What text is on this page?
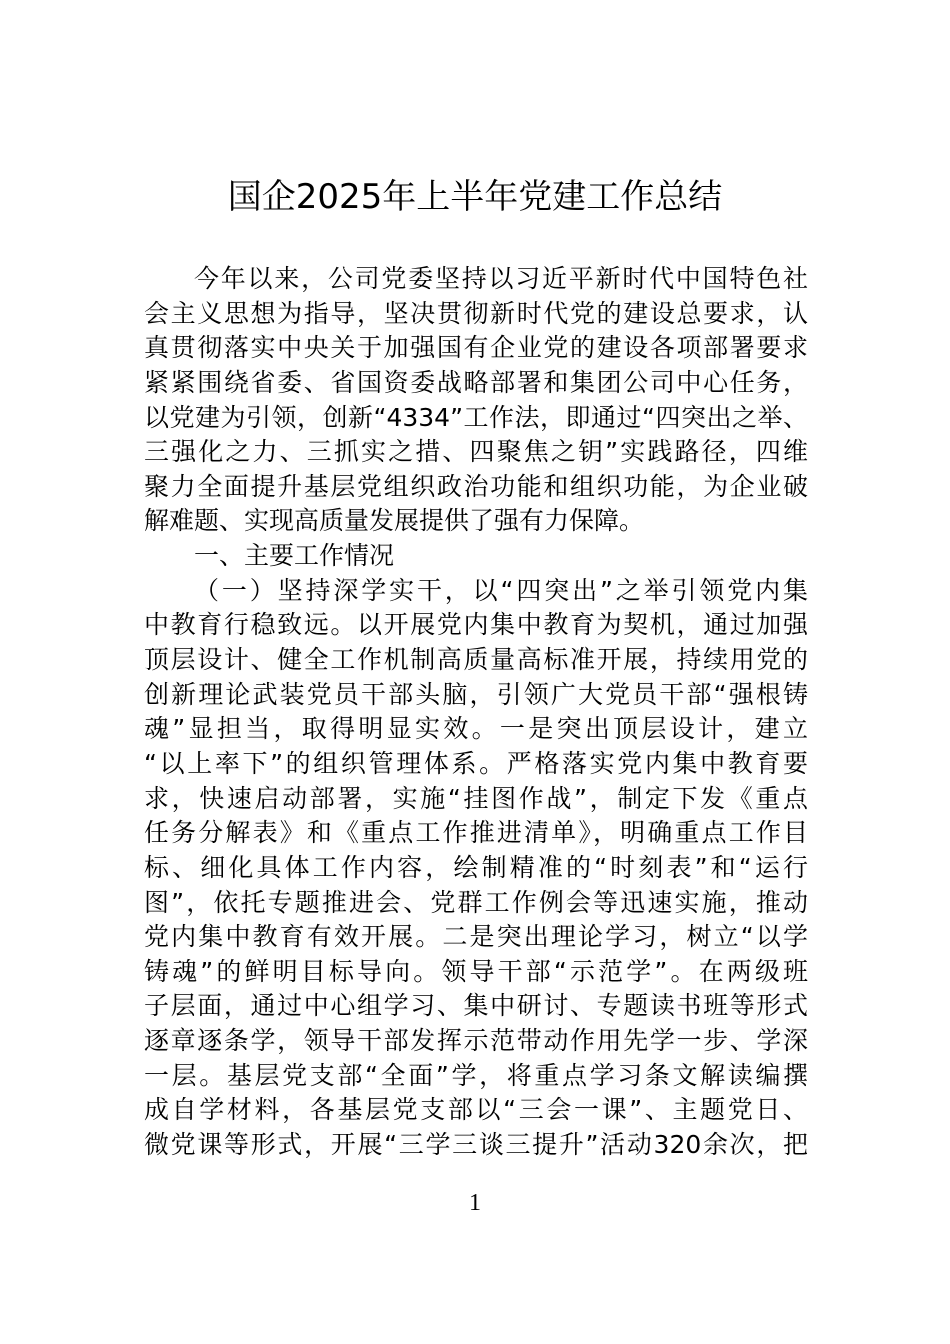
国企2025年上半年党建工作总结
今年以来，公司党委坚持以习近平新时代中国特色社
会主义思想为指导，坚决贯彻新时代党的建设总要求，认
真贯彻落实中央关于加强国有企业党的建设各项部署要求
紧紧围绕省委、省国资委战略部署和集团公司中心任务，
以党建为引领，创新“4334”工作法，即通过“四突出之举、
三强化之力、三抓实之措、四聚焦之钥”实践路径，四维
聚力全面提升基层党组织政治功能和组织功能，为企业破
解难题、实现高质量发展提供了强有力保障。
一、主要工作情况
（一）坚持深学实干，以“四突出”之举引领党内集
中教育行稳致远。以开展党内集中教育为契机，通过加强
顶层设计、健全工作机制高质量高标准开展，持续用党的
创新理论武装党员干部头脑，引领广大党员干部“强根铸
魂”显担当，取得明显实效。一是突出顶层设计，建立
“以上率下”的组织管理体系。严格落实党内集中教育要
求，快速启动部署，实施“挂图作战”，制定下发《重点
任务分解表》和《重点工作推进清单》，明确重点工作目
标、细化具体工作内容，绘制精准的“时刻表”和“运行
图”，依托专题推进会、党群工作例会等迅速实施，推动
党内集中教育有效开展。二是突出理论学习，树立“以学
铸魂”的鲜明目标导向。领导干部“示范学”。在两级班
子层面，通过中心组学习、集中研讨、专题读书班等形式
逐章逐条学，领导干部发挥示范带动作用先学一步、学深
一层。基层党支部“全面”学，将重点学习条文解读编撰
成自学材料，各基层党支部以“三会一课”、主题党日、
微党课等形式，开展“三学三谈三提升”活动320余次，把
1
